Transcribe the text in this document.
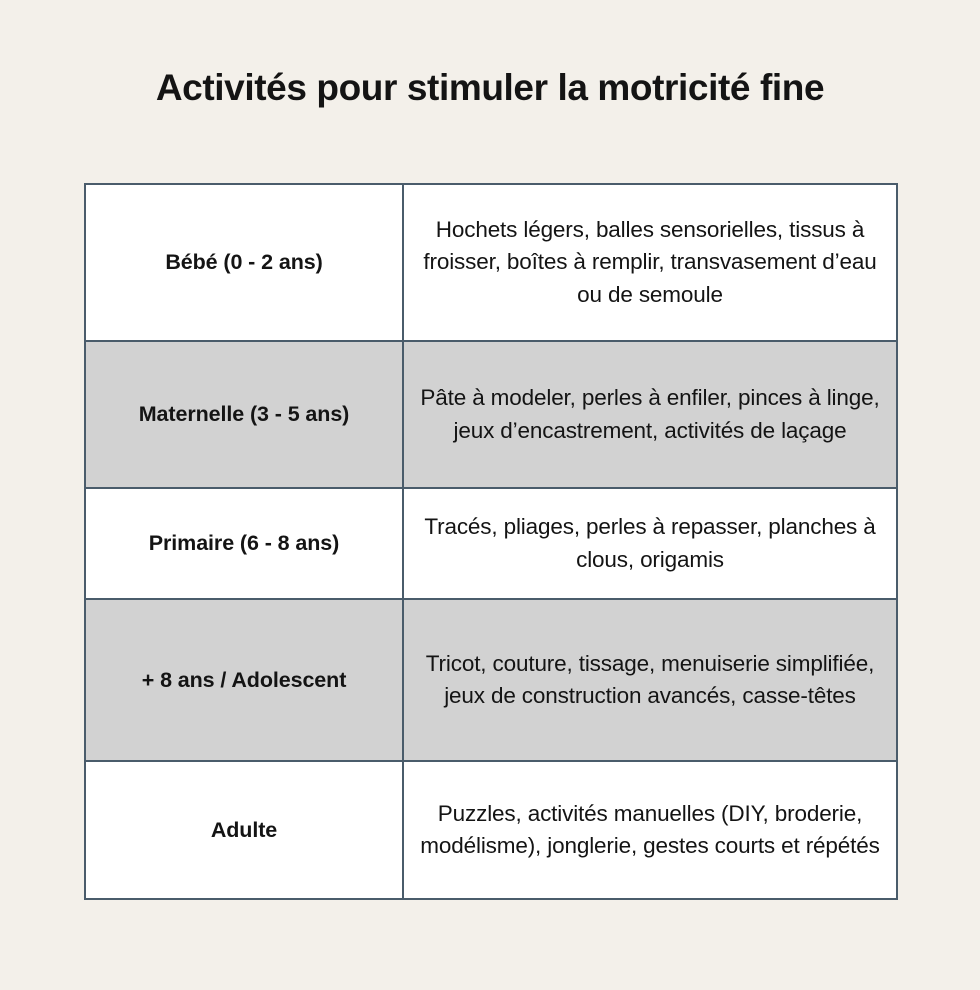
Activités pour stimuler la motricité fine
Bébé (0 - 2 ans)	Hochets légers, balles sensorielles, tissus à froisser, boîtes à remplir, transvasement d’eau ou de semoule
Maternelle (3 - 5 ans)	Pâte à modeler, perles à enfiler, pinces à linge, jeux d’encastrement, activités de laçage
Primaire (6 - 8 ans)	Tracés, pliages, perles à repasser, planches à clous, origamis
+ 8 ans / Adolescent	Tricot, couture, tissage, menuiserie simplifiée, jeux de construction avancés, casse-têtes
Adulte	Puzzles, activités manuelles (DIY, broderie, modélisme), jonglerie, gestes courts et répétés
